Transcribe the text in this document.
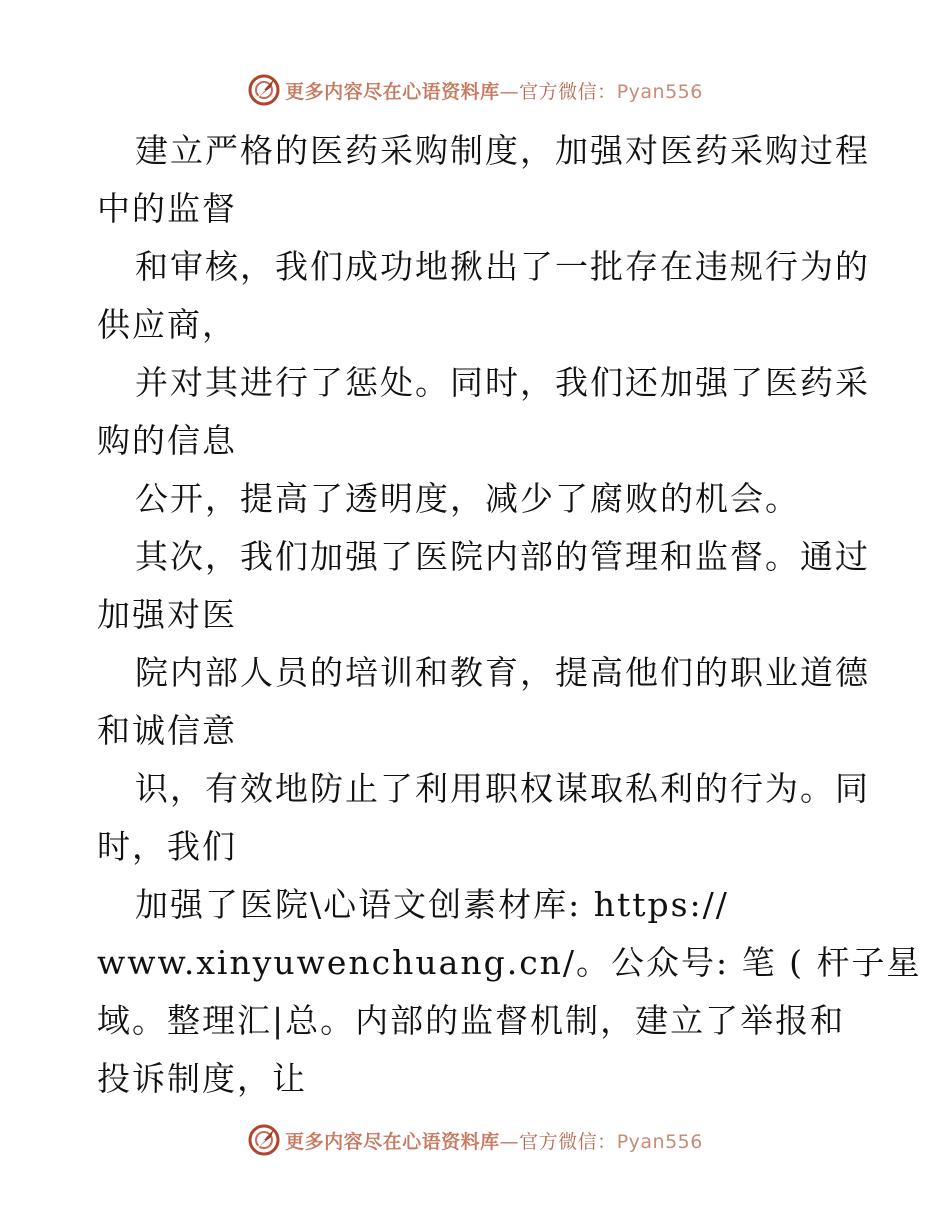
更多内容尽在心语资料库—官方微信：Pyan556
建立严格的医药采购制度，加强对医药采购过程
中的监督
和审核，我们成功地揪出了一批存在违规行为的
供应商，
并对其进行了惩处。同时，我们还加强了医药采
购的信息
公开，提高了透明度，减少了腐败的机会。
其次，我们加强了医院内部的管理和监督。通过
加强对医
院内部人员的培训和教育，提高他们的职业道德
和诚信意
识，有效地防止了利用职权谋取私利的行为。同
时，我们
加强了医院\心语文创素材库: https://
www.xinyuwenchuang.cn/。公众号: 笔 ( 杆子星
域。整理汇|总。内部的监督机制，建立了举报和
投诉制度，让
更多内容尽在心语资料库—官方微信：Pyan556
